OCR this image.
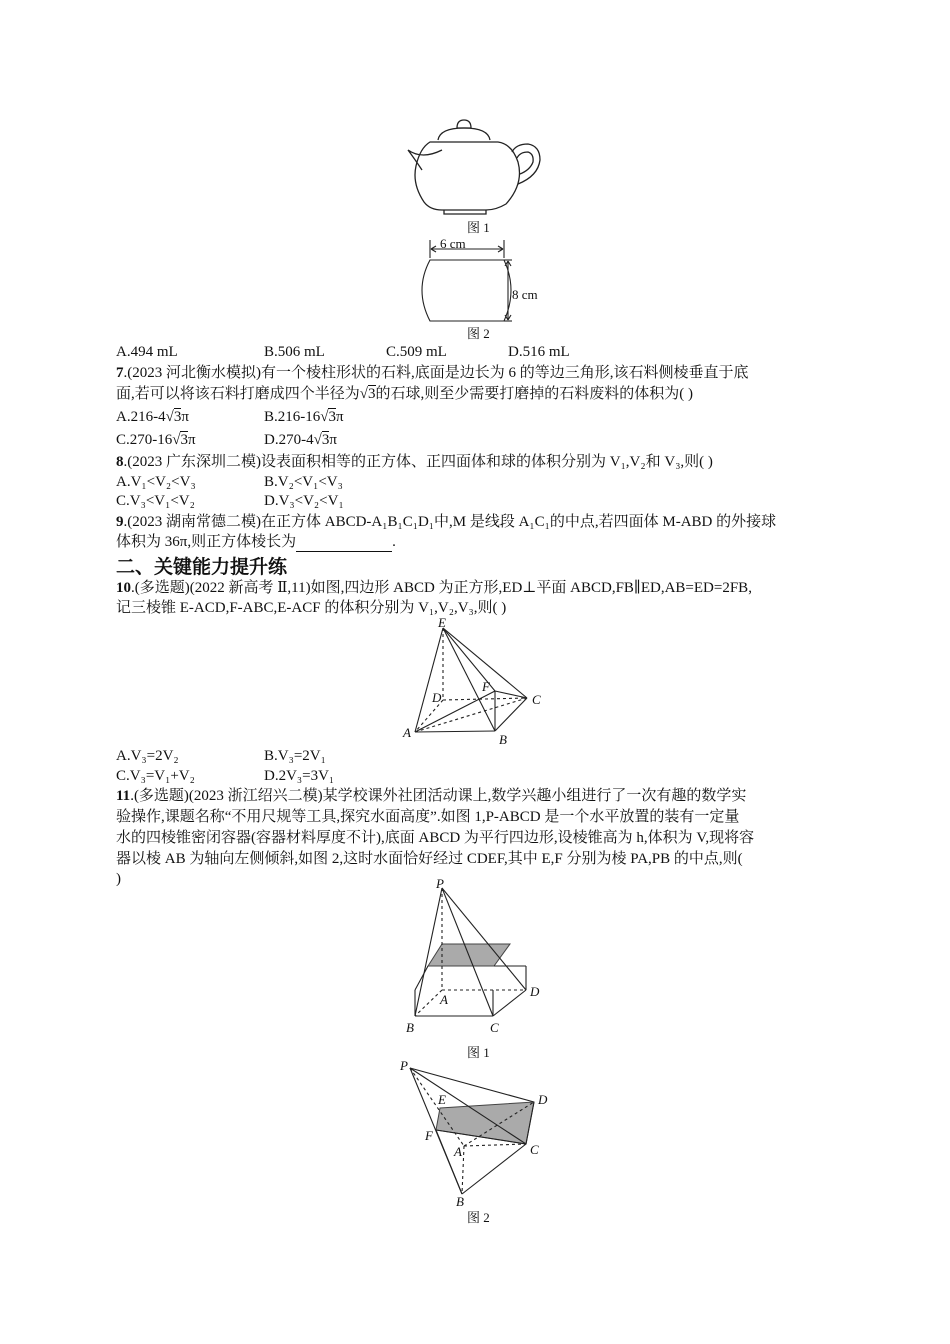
图 1
6 cm
8 cm
图 2
A.494 mL	B.506 mL	C.509 mL	D.516 mL
7.(2023 河北衡水模拟)有一个棱柱形状的石料,底面是边长为 6 的等边三角形,该石料侧棱垂直于底
面,若可以将该石料打磨成四个半径为√3的石球,则至少需要打磨掉的石料废料的体积为( )
A.216-4√3π	B.216-16√3π
C.270-16√3π	D.270-4√3π
8.(2023 广东深圳二模)设表面积相等的正方体、正四面体和球的体积分别为 V₁,V₂和 V₃,则( )
A.V₁<V₂<V₃	B.V₂<V₁<V₃
C.V₃<V₁<V₂	D.V₃<V₂<V₁
9.(2023 湖南常德二模)在正方体 ABCD-A₁B₁C₁D₁中,M 是线段 A₁C₁的中点,若四面体 M-ABD 的外接球
体积为 36π,则正方体棱长为	.
二、关键能力提升练
10.(多选题)(2022 新高考 Ⅱ,11)如图,四边形 ABCD 为正方形,ED⊥平面 ABCD,FB∥ED,AB=ED=2FB,
记三棱锥 E-ACD,F-ABC,E-ACF 的体积分别为 V₁,V₂,V₃,则( )
E
D
F
C
A	B
A.V₃=2V₂	B.V₃=2V₁
C.V₃=V₁+V₂	D.2V₃=3V₁
11.(多选题)(2023 浙江绍兴二模)某学校课外社团活动课上,数学兴趣小组进行了一次有趣的数学实
验操作,课题名称“不用尺规等工具,探究水面高度”.如图 1,P-ABCD 是一个水平放置的装有一定量
水的四棱锥密闭容器(容器材料厚度不计),底面 ABCD 为平行四边形,设棱锥高为 h,体积为 V,现将容
器以棱 AB 为轴向左侧倾斜,如图 2,这时水面恰好经过 CDEF,其中 E,F 分别为棱 PA,PB 的中点,则(
)	P
A
D
B	C
图 1
P
E	D
F
A	C
B
图 2
